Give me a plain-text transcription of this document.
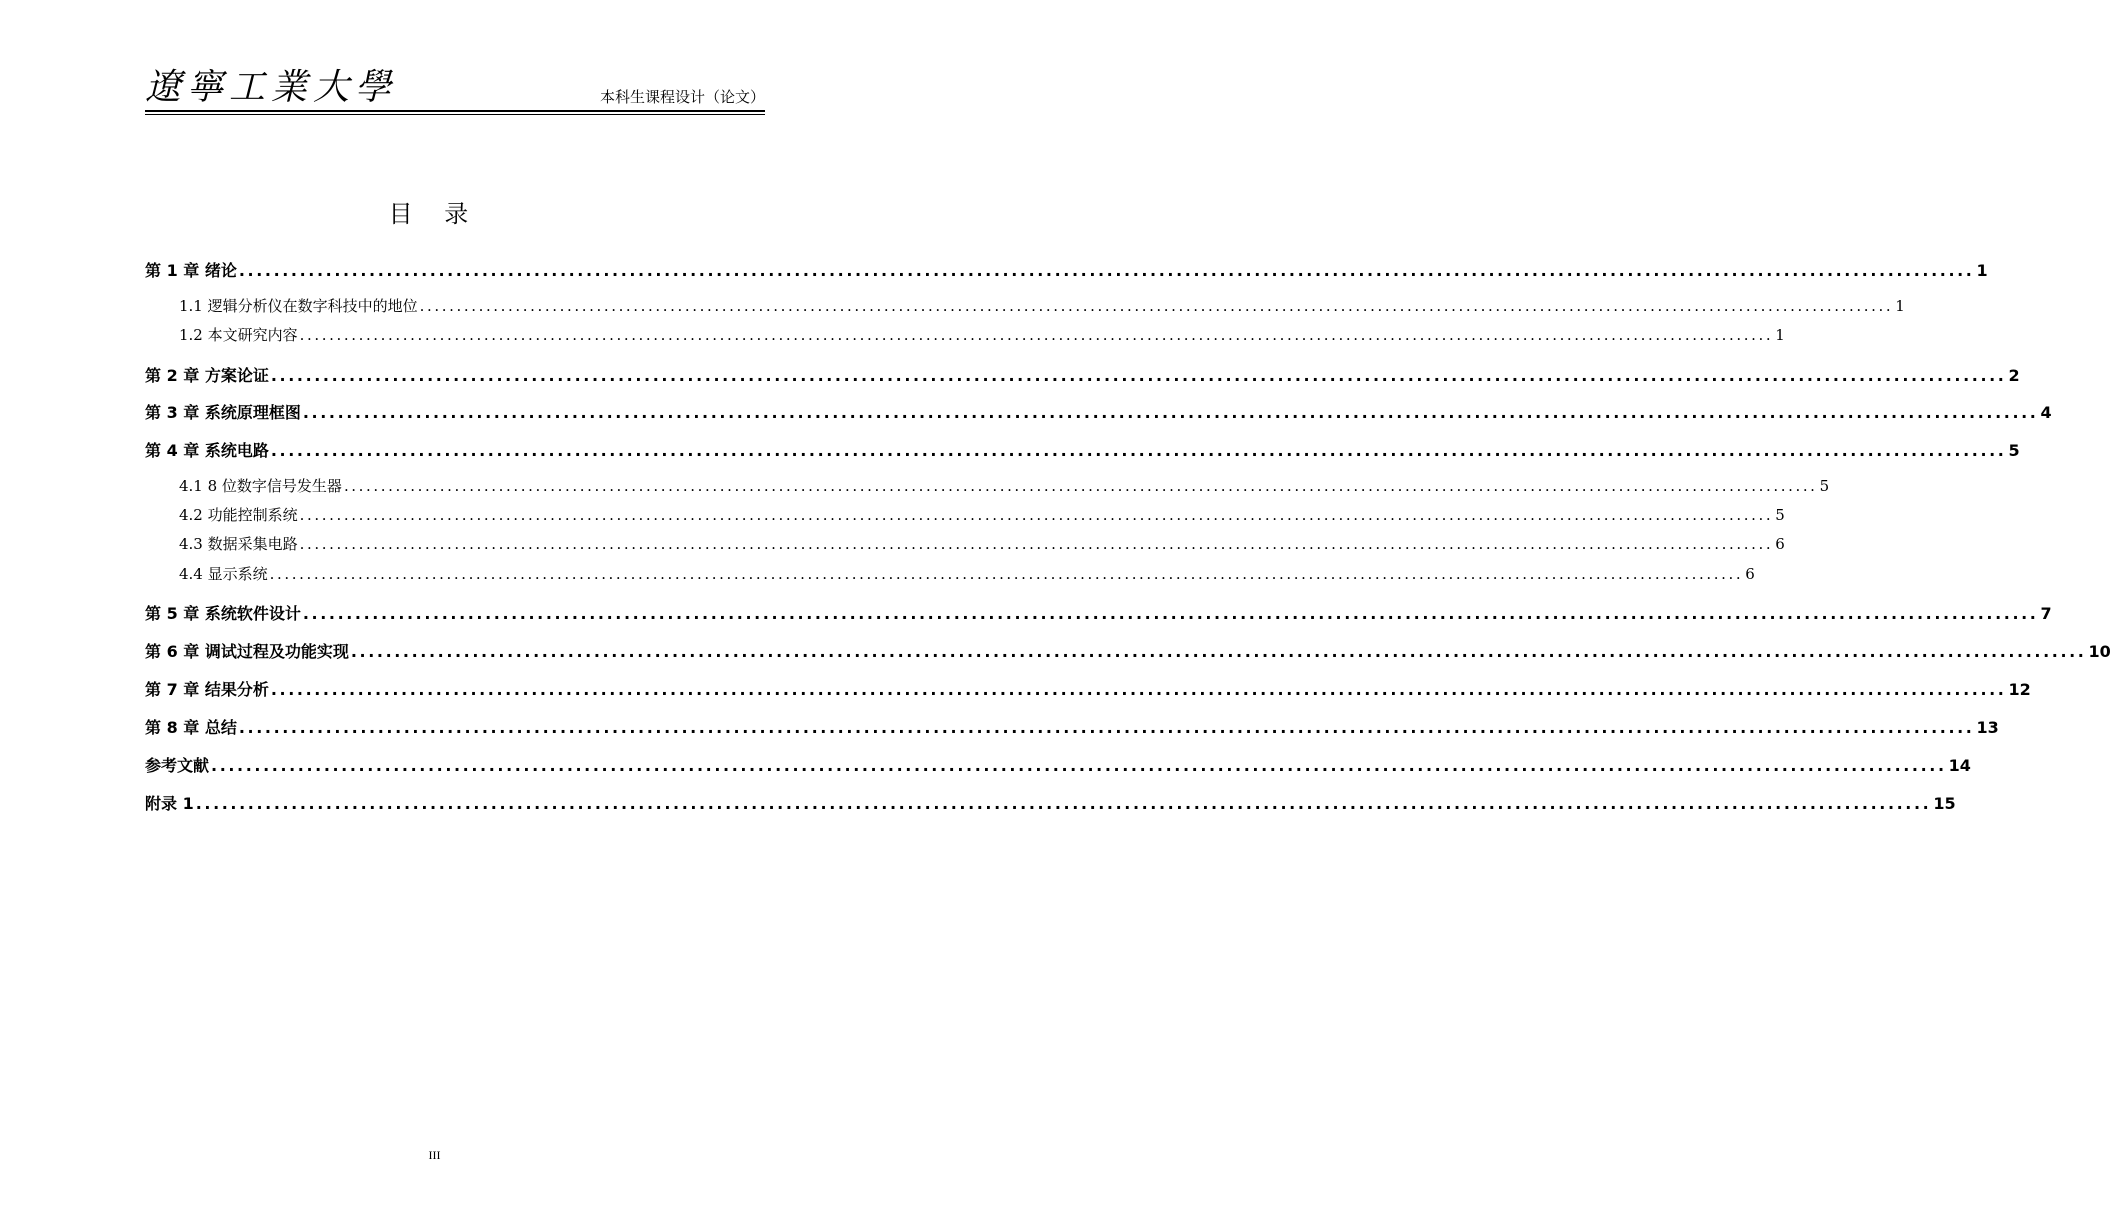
遼寧工業大學	本科生课程设计（论文）
目 录
第 1 章 绪论 ........................................................................................................................................................................................................ 1
1.1 逻辑分析仪在数字科技中的地位 ........................................................................................................................................................................................................ 1
1.2 本文研究内容 ........................................................................................................................................................................................................ 1
第 2 章 方案论证 ........................................................................................................................................................................................................ 2
第 3 章 系统原理框图 ........................................................................................................................................................................................................ 4
第 4 章 系统电路 ........................................................................................................................................................................................................ 5
4.1 8 位数字信号发生器 ........................................................................................................................................................................................................ 5
4.2 功能控制系统 ........................................................................................................................................................................................................ 5
4.3 数据采集电路 ........................................................................................................................................................................................................ 6
4.4 显示系统 ........................................................................................................................................................................................................ 6
第 5 章 系统软件设计 ........................................................................................................................................................................................................ 7
第 6 章 调试过程及功能实现 ........................................................................................................................................................................................................ 10
第 7 章 结果分析 ........................................................................................................................................................................................................ 12
第 8 章 总结 ........................................................................................................................................................................................................ 13
参考文献 ........................................................................................................................................................................................................ 14
附录 1 ........................................................................................................................................................................................................ 15
III
